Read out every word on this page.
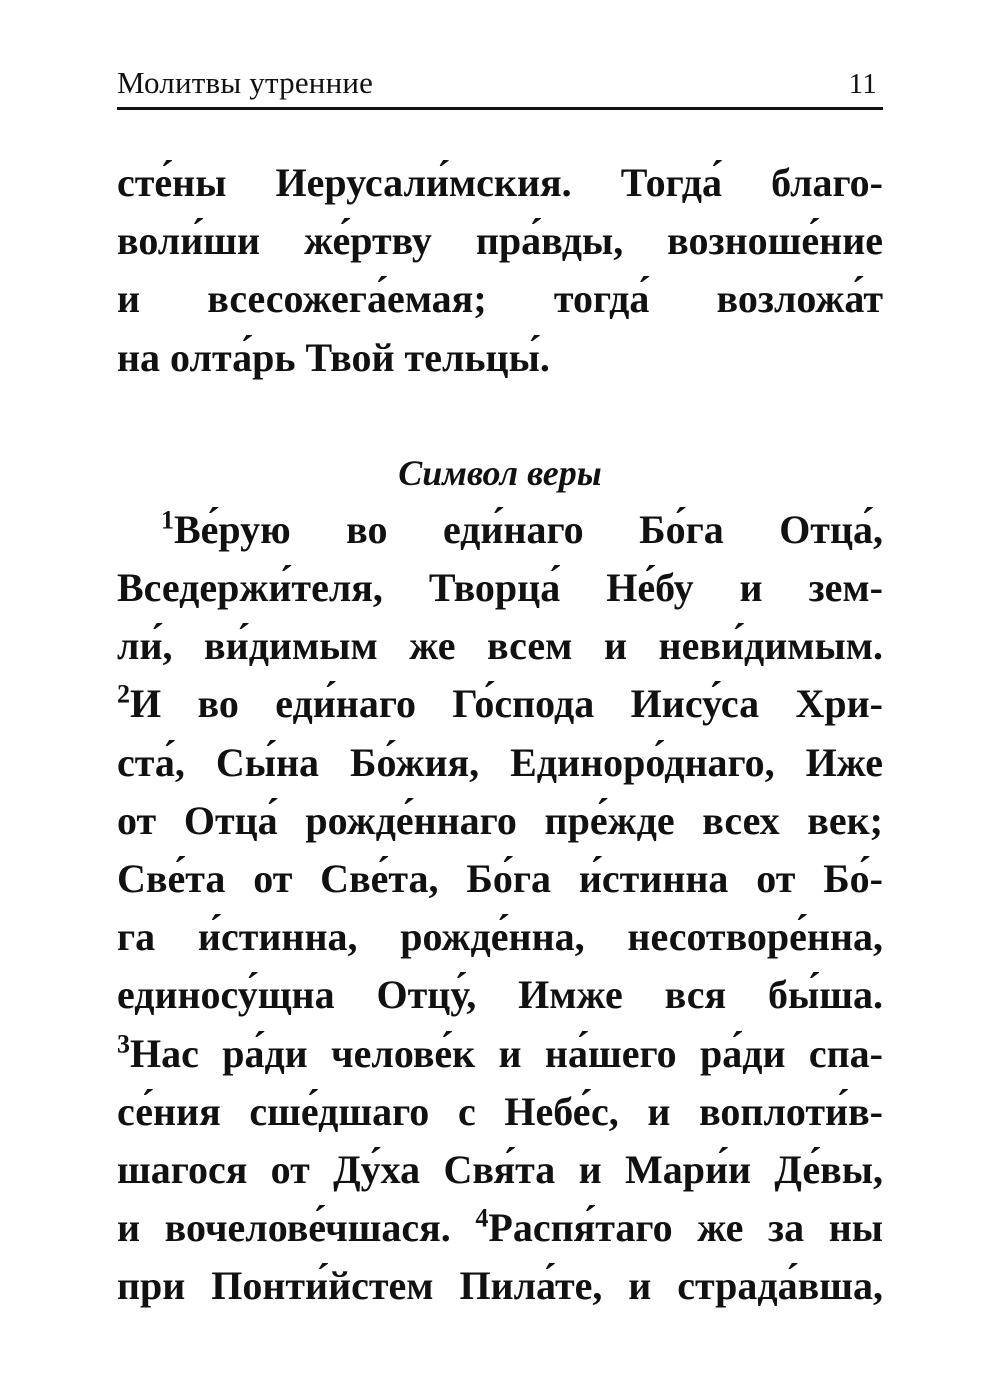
Молитвы утренние	11
сте́ны Иерусали́мския. Тогда́ благо-
воли́ши же́ртву пра́вды, возноше́ние
и всесожега́емая; тогда́ возложа́т
на олта́рь Твой тельцы́.
Символ веры
$^1$Ве́рую во еди́наго Бо́га Отца́,
Вседержи́теля, Творца́ Не́бу и зем-
ли́, ви́димым же всем и неви́димым.
$^2$И во еди́наго Го́спода Иису́са Хри-
ста́, Сы́на Бо́жия, Единоро́днаго, Иже
от Отца́ рожде́ннаго пре́жде всех век;
Све́та от Све́та, Бо́га и́стинна от Бо́-
га и́стинна, рожде́нна, несотворе́нна,
единосу́щна Отцу́, Имже вся бы́ша.
$^3$Нас ра́ди челове́к и на́шего ра́ди спа-
се́ния сше́дшаго с Небе́с, и воплоти́в-
шагося от Ду́ха Свя́та и Мари́и Де́вы,
и вочелове́чшася. $^4$Распя́таго же за ны
при Понти́йстем Пила́те, и страда́вша,
